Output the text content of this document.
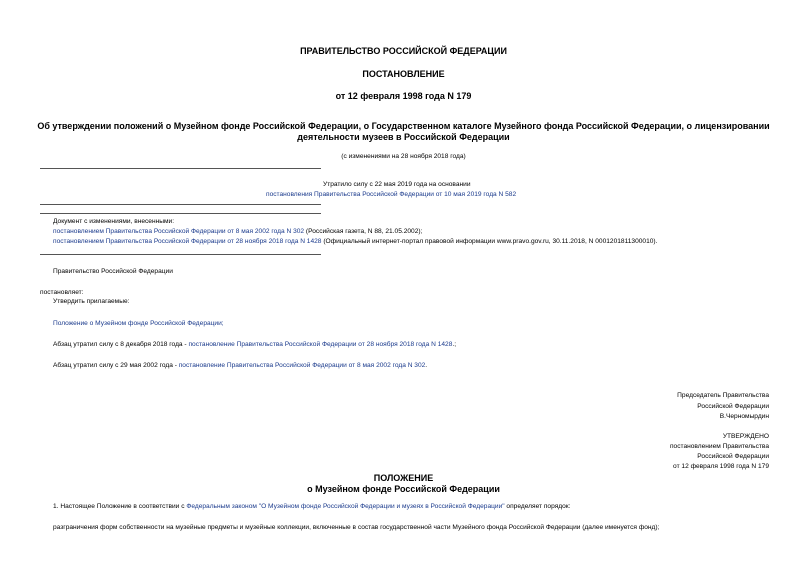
ПРАВИТЕЛЬСТВО РОССИЙСКОЙ ФЕДЕРАЦИИ
ПОСТАНОВЛЕНИЕ
от 12 февраля 1998 года N 179
Об утверждении положений о Музейном фонде Российской Федерации, о Государственном каталоге Музейного фонда Российской Федерации, о лицензировании
деятельности музеев в Российской Федерации
(с изменениями на 28 ноября 2018 года)
Утратило силу с 22 мая 2019 года на основании
постановления Правительства Российской Федерации от 10 мая 2019 года N 582
Документ с изменениями, внесенными:
постановлением Правительства Российской Федерации от 8 мая 2002 года N 302 (Российская газета, N 88, 21.05.2002);
постановлением Правительства Российской Федерации от 28 ноября 2018 года N 1428 (Официальный интернет-портал правовой информации www.pravo.gov.ru, 30.11.2018, N 0001201811300010).
Правительство Российской Федерации
постановляет:
Утвердить прилагаемые:
Положение о Музейном фонде Российской Федерации;
Абзац утратил силу с 8 декабря 2018 года - постановление Правительства Российской Федерации от 28 ноября 2018 года N 1428.;
Абзац утратил силу с 29 мая 2002 года - постановление Правительства Российской Федерации от 8 мая 2002 года N 302.
Председатель Правительства
Российской Федерации
В.Черномырдин
УТВЕРЖДЕНО
постановлением Правительства
Российской Федерации
от 12 февраля 1998 года N 179
ПОЛОЖЕНИЕ
о Музейном фонде Российской Федерации
1. Настоящее Положение в соответствии с Федеральным законом "О Музейном фонде Российской Федерации и музеях в Российской Федерации" определяет порядок:
разграничения форм собственности на музейные предметы и музейные коллекции, включенные в состав государственной части Музейного фонда Российской Федерации (далее именуется фонд);
